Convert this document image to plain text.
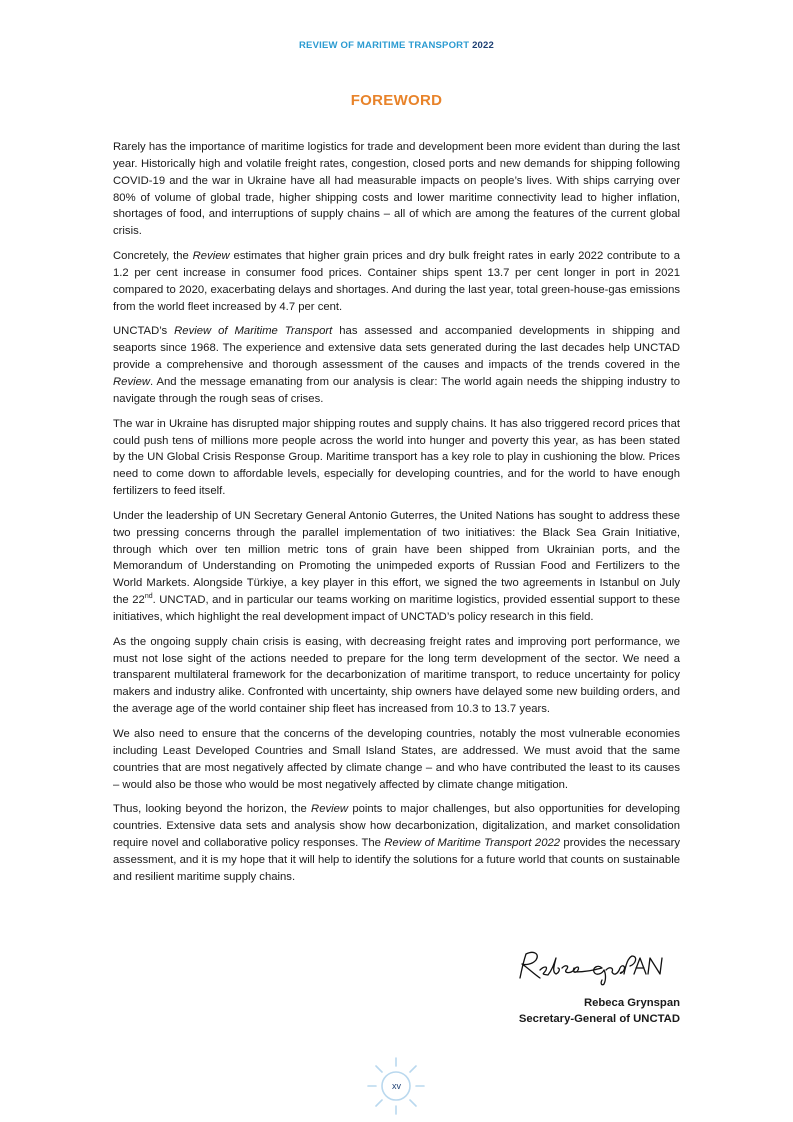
REVIEW OF MARITIME TRANSPORT 2022
FOREWORD

Rarely has the importance of maritime logistics for trade and development been more evident than during the last year. Historically high and volatile freight rates, congestion, closed ports and new demands for shipping following COVID-19 and the war in Ukraine have all had measurable impacts on people’s lives. With ships carrying over 80% of volume of global trade, higher shipping costs and lower maritime connectivity lead to higher inflation, shortages of food, and interruptions of supply chains – all of which are among the features of the current global crisis.

Concretely, the Review estimates that higher grain prices and dry bulk freight rates in early 2022 contribute to a 1.2 per cent increase in consumer food prices. Container ships spent 13.7 per cent longer in port in 2021 compared to 2020, exacerbating delays and shortages. And during the last year, total green-house-gas emissions from the world fleet increased by 4.7 per cent.

UNCTAD’s Review of Maritime Transport has assessed and accompanied developments in shipping and seaports since 1968. The experience and extensive data sets generated during the last decades help UNCTAD provide a comprehensive and thorough assessment of the causes and impacts of the trends covered in the Review. And the message emanating from our analysis is clear: The world again needs the shipping industry to navigate through the rough seas of crises.

The war in Ukraine has disrupted major shipping routes and supply chains. It has also triggered record prices that could push tens of millions more people across the world into hunger and poverty this year, as has been stated by the UN Global Crisis Response Group. Maritime transport has a key role to play in cushioning the blow. Prices need to come down to affordable levels, especially for developing countries, and for the world to have enough fertilizers to feed itself.

Under the leadership of UN Secretary General Antonio Guterres, the United Nations has sought to address these two pressing concerns through the parallel implementation of two initiatives: the Black Sea Grain Initiative, through which over ten million metric tons of grain have been shipped from Ukrainian ports, and the Memorandum of Understanding on Promoting the unimpeded exports of Russian Food and Fertilizers to the World Markets. Alongside Türkiye, a key player in this effort, we signed the two agreements in Istanbul on July the 22nd. UNCTAD, and in particular our teams working on maritime logistics, provided essential support to these initiatives, which highlight the real development impact of UNCTAD’s policy research in this field.

As the ongoing supply chain crisis is easing, with decreasing freight rates and improving port performance, we must not lose sight of the actions needed to prepare for the long term development of the sector. We need a transparent multilateral framework for the decarbonization of maritime transport, to reduce uncertainty for policy makers and industry alike. Confronted with uncertainty, ship owners have delayed some new building orders, and the average age of the world container ship fleet has increased from 10.3 to 13.7 years.

We also need to ensure that the concerns of the developing countries, notably the most vulnerable economies including Least Developed Countries and Small Island States, are addressed. We must avoid that the same countries that are most negatively affected by climate change – and who have contributed the least to its causes – would also be those who would be most negatively affected by climate change mitigation.

Thus, looking beyond the horizon, the Review points to major challenges, but also opportunities for developing countries. Extensive data sets and analysis show how decarbonization, digitalization, and market consolidation require novel and collaborative policy responses. The Review of Maritime Transport 2022 provides the necessary assessment, and it is my hope that it will help to identify the solutions for a future world that counts on sustainable and resilient maritime supply chains.

Rebeca Grynspan
Secretary-General of UNCTAD
xv
